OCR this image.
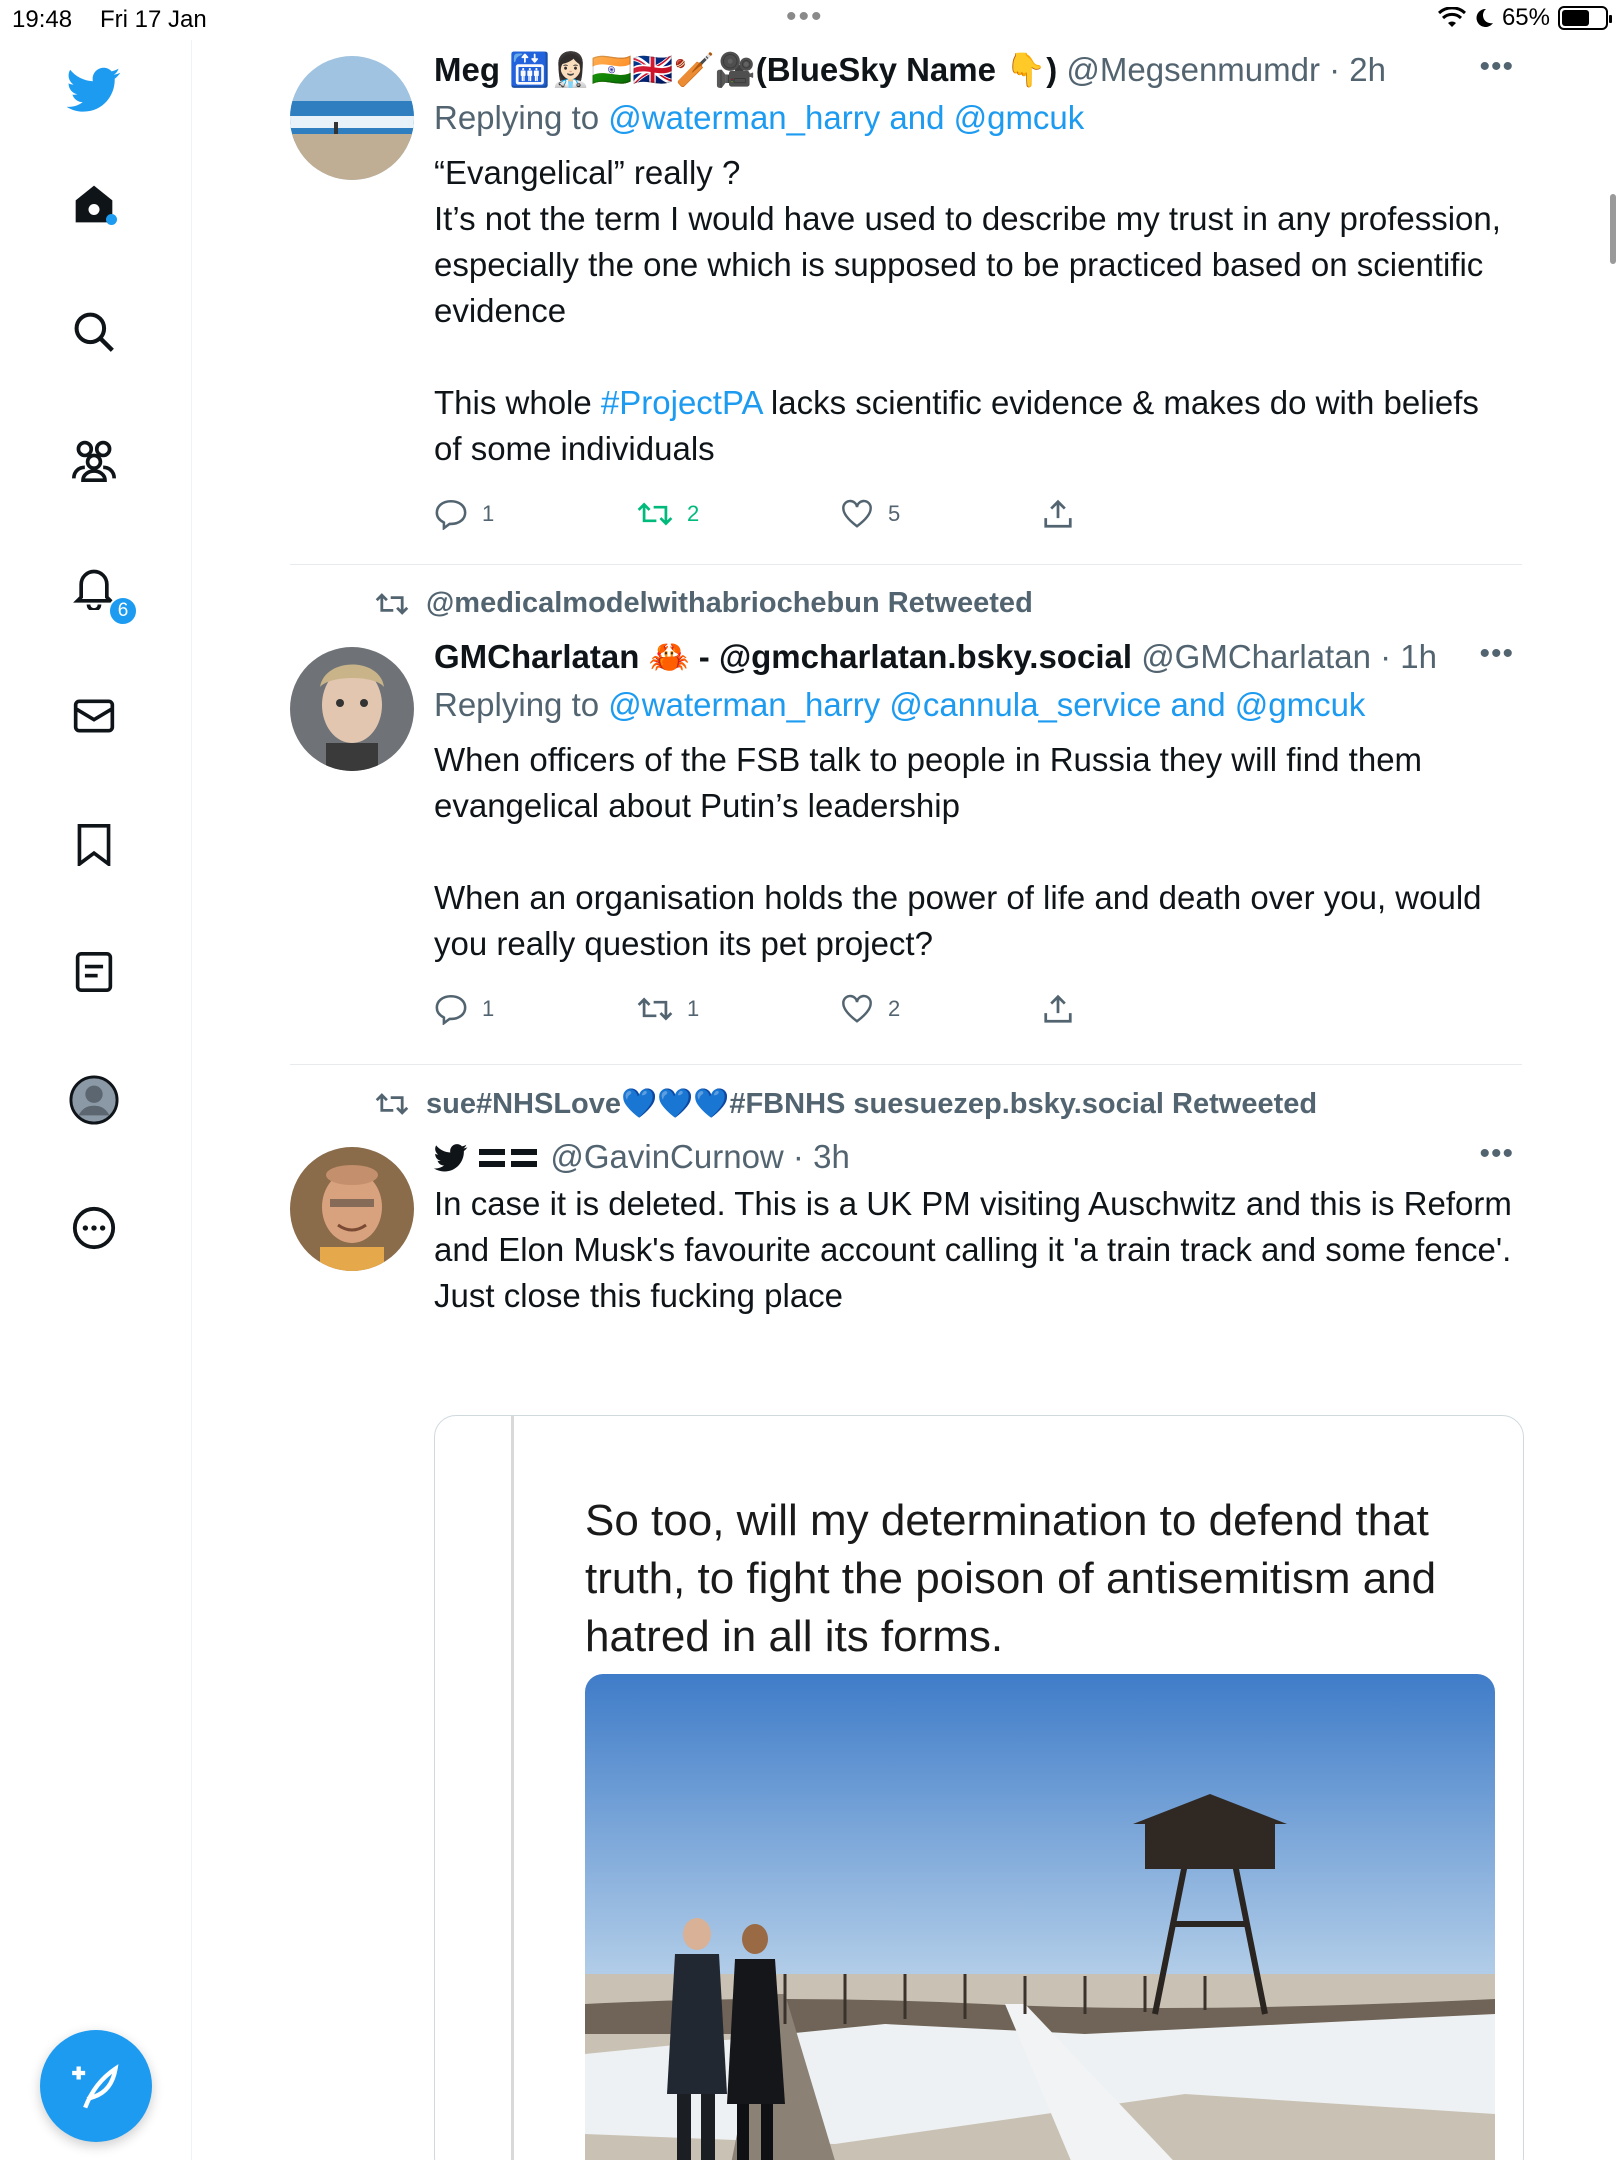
19:48 Fri 17 Jan	•••	65%
6
Meg 🛗👩🏻‍⚕️🇮🇳🇬🇧🏏🎥(BlueSky Name 👇) @Megsenmumdr · 2h	•••
Replying to @waterman_harry and @gmcuk
“Evangelical” really ?
It’s not the term I would have used to describe my trust in any profession, especially the one which is supposed to be practiced based on scientific evidence

This whole #ProjectPA lacks scientific evidence & makes do with beliefs of some individuals
1	2	5
@medicalmodelwithabriochebun Retweeted
GMCharlatan 🦀 - @gmcharlatan.bsky.social @GMCharlatan · 1h	•••
Replying to @waterman_harry @cannula_service and @gmcuk
When officers of the FSB talk to people in Russia they will find them evangelical about Putin’s leadership

When an organisation holds the power of life and death over you, would you really question its pet project?
1	1	2
sue#NHSLove💙💙💙#FBNHS suesuezep.bsky.social Retweeted
@GavinCurnow · 3h	•••
In case it is deleted. This is a UK PM visiting Auschwitz and this is Reform and Elon Musk's favourite account calling it 'a train track and some fence'.
Just close this fucking place
So too, will my determination to defend that truth, to fight the poison of antisemitism and hatred in all its forms.
